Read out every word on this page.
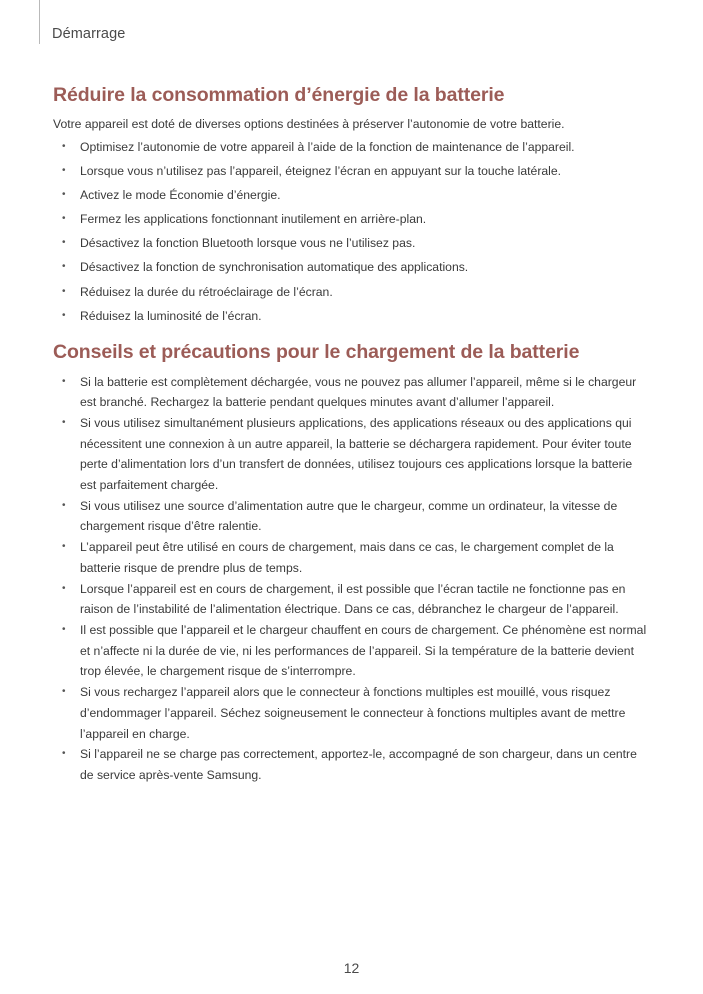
Démarrage
Réduire la consommation d’énergie de la batterie

Votre appareil est doté de diverses options destinées à préserver l’autonomie de votre batterie.

• Optimisez l’autonomie de votre appareil à l’aide de la fonction de maintenance de l’appareil.
• Lorsque vous n’utilisez pas l’appareil, éteignez l’écran en appuyant sur la touche latérale.
• Activez le mode Économie d’énergie.
• Fermez les applications fonctionnant inutilement en arrière-plan.
• Désactivez la fonction Bluetooth lorsque vous ne l’utilisez pas.
• Désactivez la fonction de synchronisation automatique des applications.
• Réduisez la durée du rétroéclairage de l’écran.
• Réduisez la luminosité de l’écran.
Conseils et précautions pour le chargement de la batterie
• Si la batterie est complètement déchargée, vous ne pouvez pas allumer l’appareil, même si le chargeur est branché. Rechargez la batterie pendant quelques minutes avant d’allumer l’appareil.
• Si vous utilisez simultanément plusieurs applications, des applications réseaux ou des applications qui nécessitent une connexion à un autre appareil, la batterie se déchargera rapidement. Pour éviter toute perte d’alimentation lors d’un transfert de données, utilisez toujours ces applications lorsque la batterie est parfaitement chargée.
• Si vous utilisez une source d’alimentation autre que le chargeur, comme un ordinateur, la vitesse de chargement risque d’être ralentie.
• L’appareil peut être utilisé en cours de chargement, mais dans ce cas, le chargement complet de la batterie risque de prendre plus de temps.
• Lorsque l’appareil est en cours de chargement, il est possible que l’écran tactile ne fonctionne pas en raison de l’instabilité de l’alimentation électrique. Dans ce cas, débranchez le chargeur de l’appareil.
• Il est possible que l’appareil et le chargeur chauffent en cours de chargement. Ce phénomène est normal et n’affecte ni la durée de vie, ni les performances de l’appareil. Si la température de la batterie devient trop élevée, le chargement risque de s’interrompre.
• Si vous rechargez l’appareil alors que le connecteur à fonctions multiples est mouillé, vous risquez d’endommager l’appareil. Séchez soigneusement le connecteur à fonctions multiples avant de mettre l’appareil en charge.
• Si l’appareil ne se charge pas correctement, apportez-le, accompagné de son chargeur, dans un centre de service après-vente Samsung.
12
